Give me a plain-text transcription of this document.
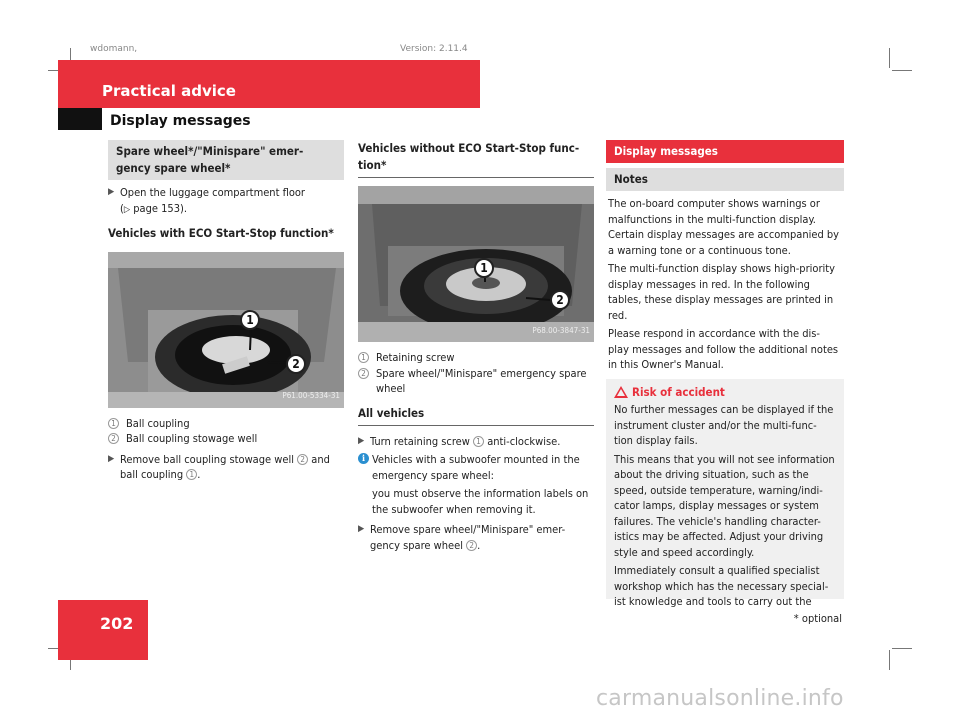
wdomann,	Version: 2.11.4
Practical advice
Display messages
Spare wheel*/"Minispare" emer- gency spare wheel*
▶ Open the luggage compartment floor
(▷ page 153).
Vehicles with ECO Start-Stop function*
1
2
P61.00-5334-31
1 Ball coupling
2 Ball coupling stowage well
▶ Remove ball coupling stowage well 2 and ball coupling 1 .
Vehicles without ECO Start-Stop func- tion*
1
2
P68.00-3847-31
1 Retaining screw
2 Spare wheel/"Minispare" emergency spare wheel
All vehicles
▶ Turn retaining screw 1 anti-clockwise.
i Vehicles with a subwoofer mounted in the emergency spare wheel:
you must observe the information labels on the subwoofer when removing it.
▶ Remove spare wheel/"Minispare" emer- gency spare wheel 2 .
Display messages
Notes
The on-board computer shows warnings or malfunctions in the multi-function display. Certain display messages are accompanied by a warning tone or a continuous tone.
The multi-function display shows high-priority display messages in red. In the following tables, these display messages are printed in red.
Please respond in accordance with the dis- play messages and follow the additional notes in this Owner's Manual.
Risk of accident
No further messages can be displayed if the instrument cluster and/or the multi-func- tion display fails.
This means that you will not see information about the driving situation, such as the speed, outside temperature, warning/indi- cator lamps, display messages or system failures. The vehicle's handling character- istics may be affected. Adjust your driving style and speed accordingly.
Immediately consult a qualified specialist workshop which has the necessary special- ist knowledge and tools to carry out the
202	* optional
carmanualsonline.info
